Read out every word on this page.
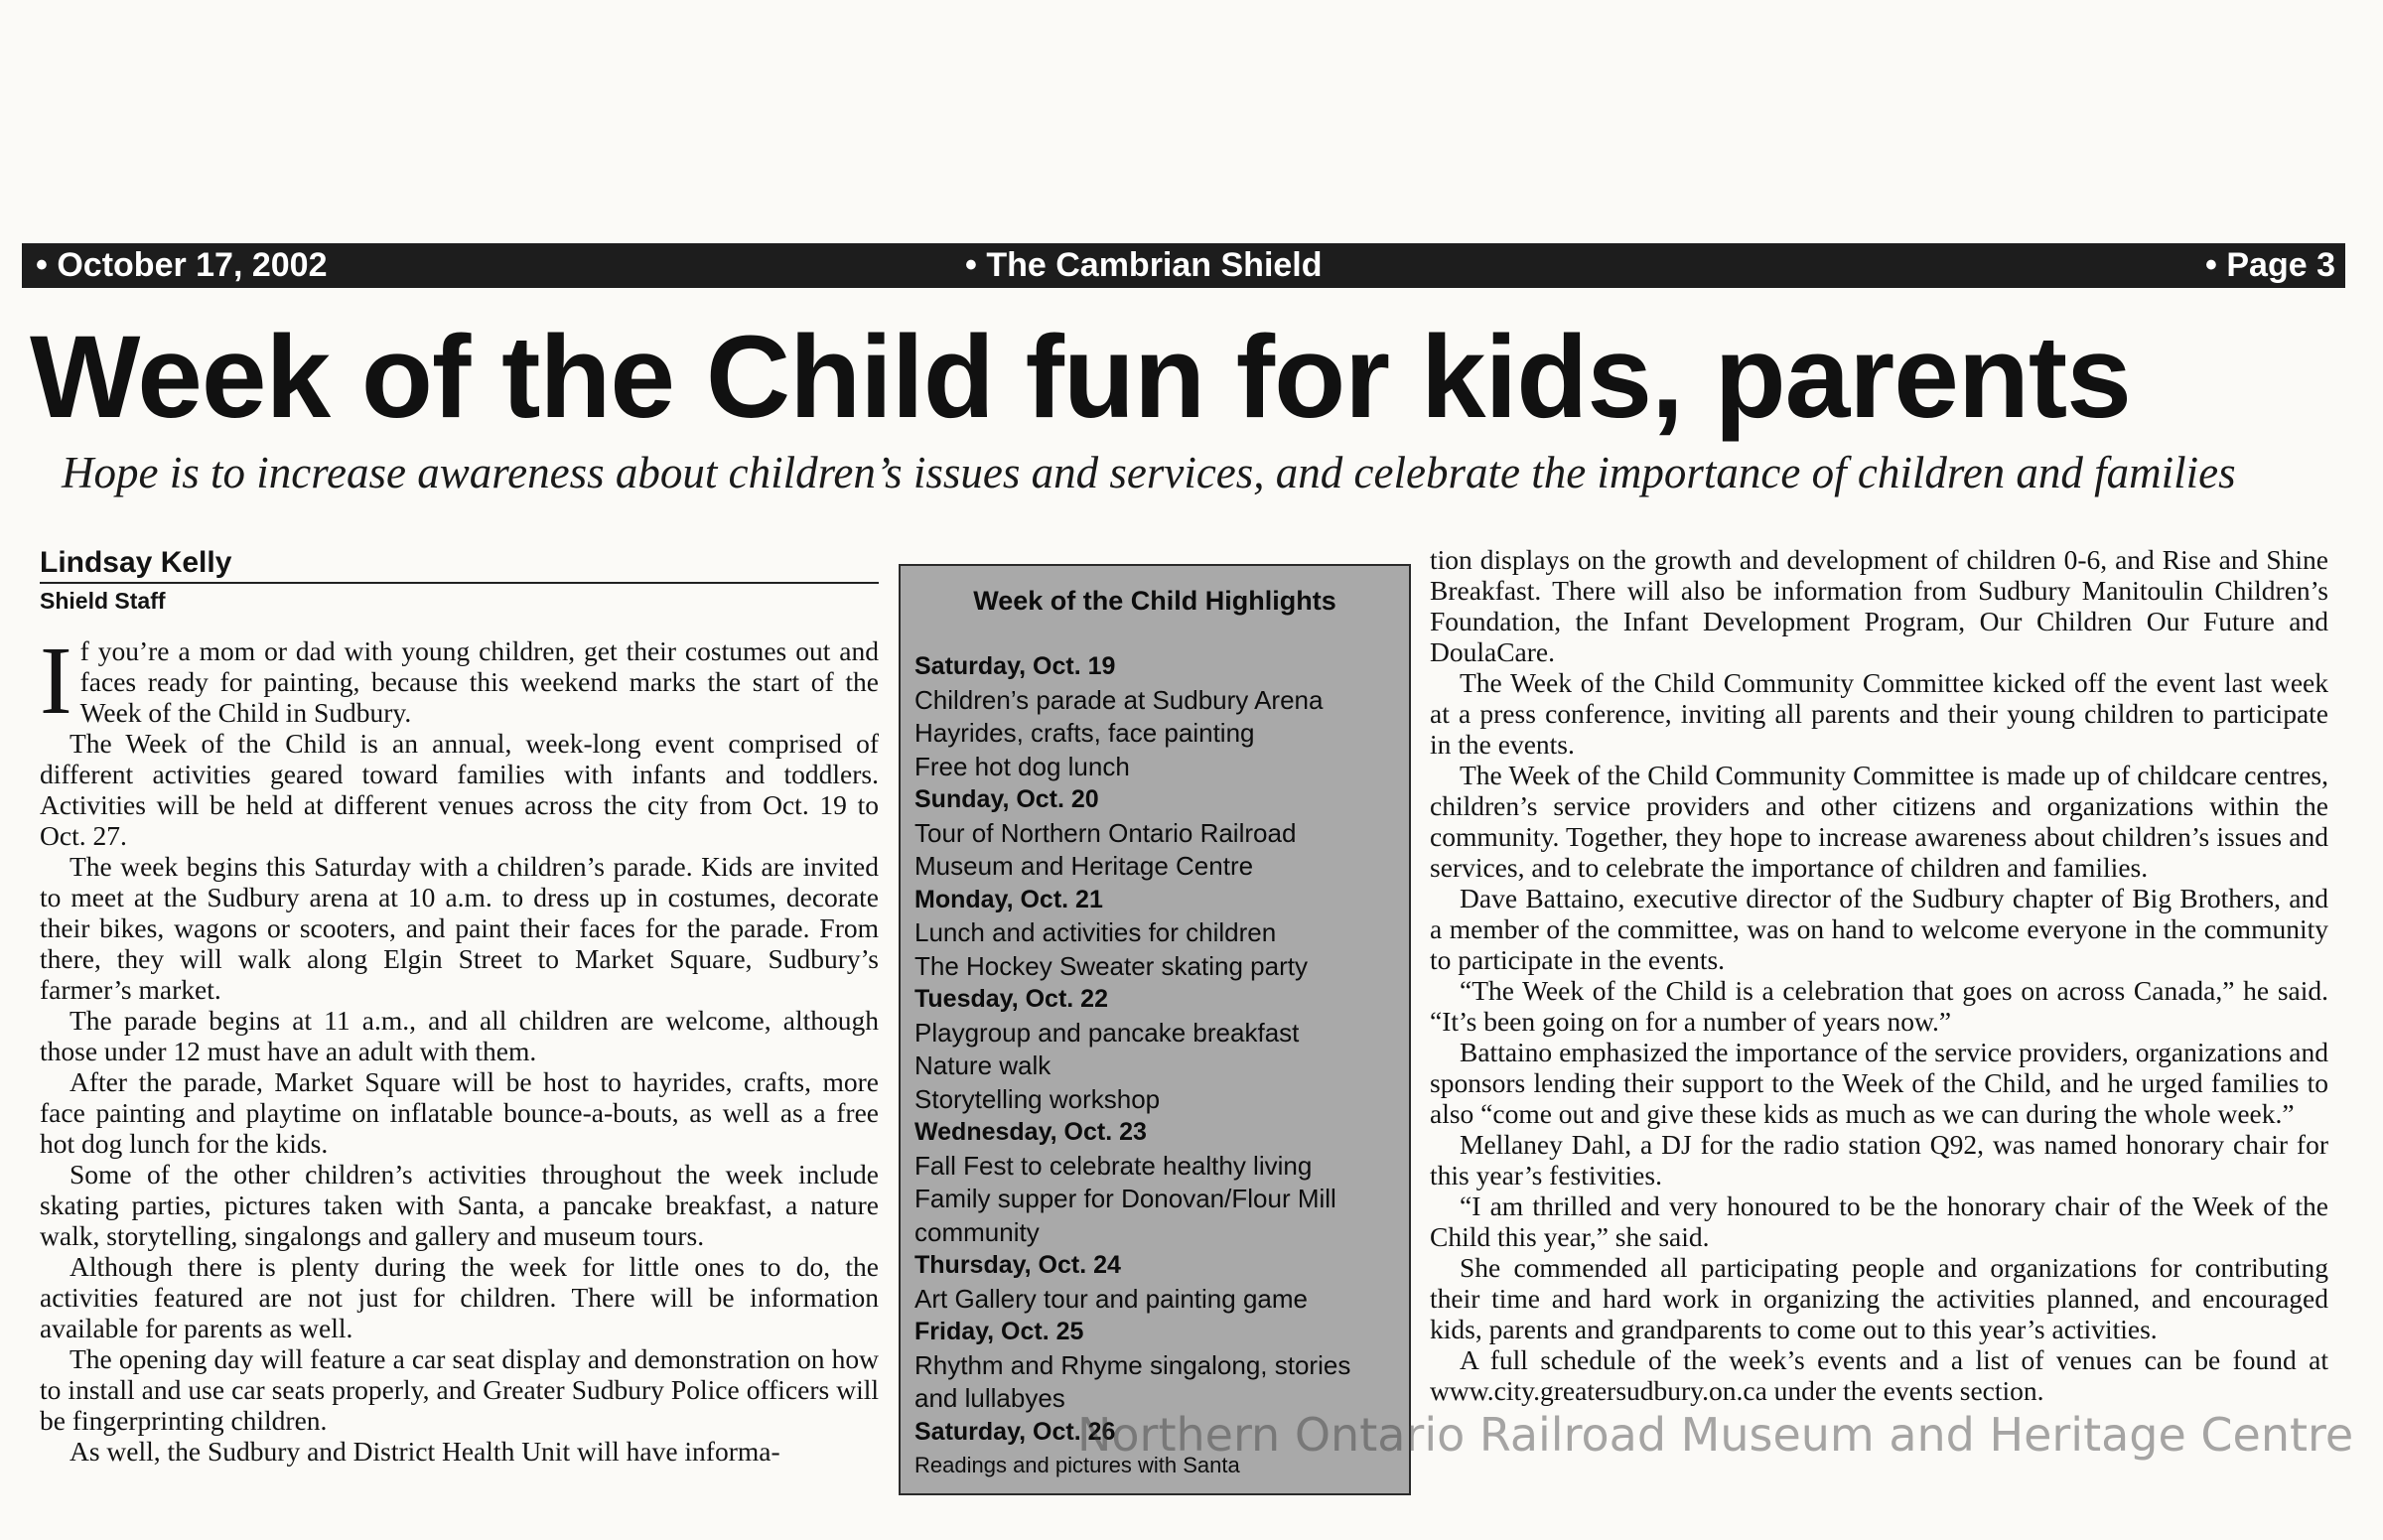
• October 17, 2002	• The Cambrian Shield	• Page 3
Week of the Child fun for kids, parents
Hope is to increase awareness about children’s issues and services, and celebrate the importance of children and families
Lindsay Kelly
Shield Staff

If you’re a mom or dad with young children, get their costumes out and faces ready for painting, because this weekend marks the start of the Week of the Child in Sudbury.

The Week of the Child is an annual, week-long event comprised of different activities geared toward families with infants and toddlers. Activities will be held at different venues across the city from Oct. 19 to Oct. 27.

The week begins this Saturday with a children’s parade. Kids are invited to meet at the Sudbury arena at 10 a.m. to dress up in costumes, decorate their bikes, wagons or scooters, and paint their faces for the parade. From there, they will walk along Elgin Street to Market Square, Sudbury’s farmer’s market.

The parade begins at 11 a.m., and all children are welcome, although those under 12 must have an adult with them.

After the parade, Market Square will be host to hayrides, crafts, more face painting and playtime on inflatable bounce-a-bouts, as well as a free hot dog lunch for the kids.

Some of the other children’s activities throughout the week include skating parties, pictures taken with Santa, a pancake breakfast, a nature walk, storytelling, singalongs and gallery and museum tours.

Although there is plenty during the week for little ones to do, the activities featured are not just for children. There will be information available for parents as well.

The opening day will feature a car seat display and demonstration on how to install and use car seats properly, and Greater Sudbury Police officers will be fingerprinting children.

As well, the Sudbury and District Health Unit will have informa-

Week of the Child Highlights
Saturday, Oct. 19
Children’s parade at Sudbury Arena
Hayrides, crafts, face painting
Free hot dog lunch
Sunday, Oct. 20
Tour of Northern Ontario Railroad
Museum and Heritage Centre
Monday, Oct. 21
Lunch and activities for children
The Hockey Sweater skating party
Tuesday, Oct. 22
Playgroup and pancake breakfast
Nature walk
Storytelling workshop
Wednesday, Oct. 23
Fall Fest to celebrate healthy living
Family supper for Donovan/Flour Mill
community
Thursday, Oct. 24
Art Gallery tour and painting game
Friday, Oct. 25
Rhythm and Rhyme singalong, stories
and lullabyes
Saturday, Oct. 26
Readings and pictures with Santa

tion displays on the growth and development of children 0-6, and Rise and Shine Breakfast. There will also be information from Sudbury Manitoulin Children’s Foundation, the Infant Development Program, Our Children Our Future and DoulaCare.

The Week of the Child Community Committee kicked off the event last week at a press conference, inviting all parents and their young children to participate in the events.

The Week of the Child Community Committee is made up of childcare centres, children’s service providers and other citizens and organizations within the community. Together, they hope to increase awareness about children’s issues and services, and to celebrate the importance of children and families.

Dave Battaino, executive director of the Sudbury chapter of Big Brothers, and a member of the committee, was on hand to welcome everyone in the community to participate in the events.

“The Week of the Child is a celebration that goes on across Canada,” he said. “It’s been going on for a number of years now.”

Battaino emphasized the importance of the service providers, organizations and sponsors lending their support to the Week of the Child, and he urged families to also “come out and give these kids as much as we can during the whole week.”

Mellaney Dahl, a DJ for the radio station Q92, was named honorary chair for this year’s festivities.

“I am thrilled and very honoured to be the honorary chair of the Week of the Child this year,” she said.

She commended all participating people and organizations for contributing their time and hard work in organizing the activities planned, and encouraged kids, parents and grandparents to come out to this year’s activities.

A full schedule of the week’s events and a list of venues can be found at www.city.greatersudbury.on.ca under the events section.

Northern Ontario Railroad Museum and Heritage Centre
